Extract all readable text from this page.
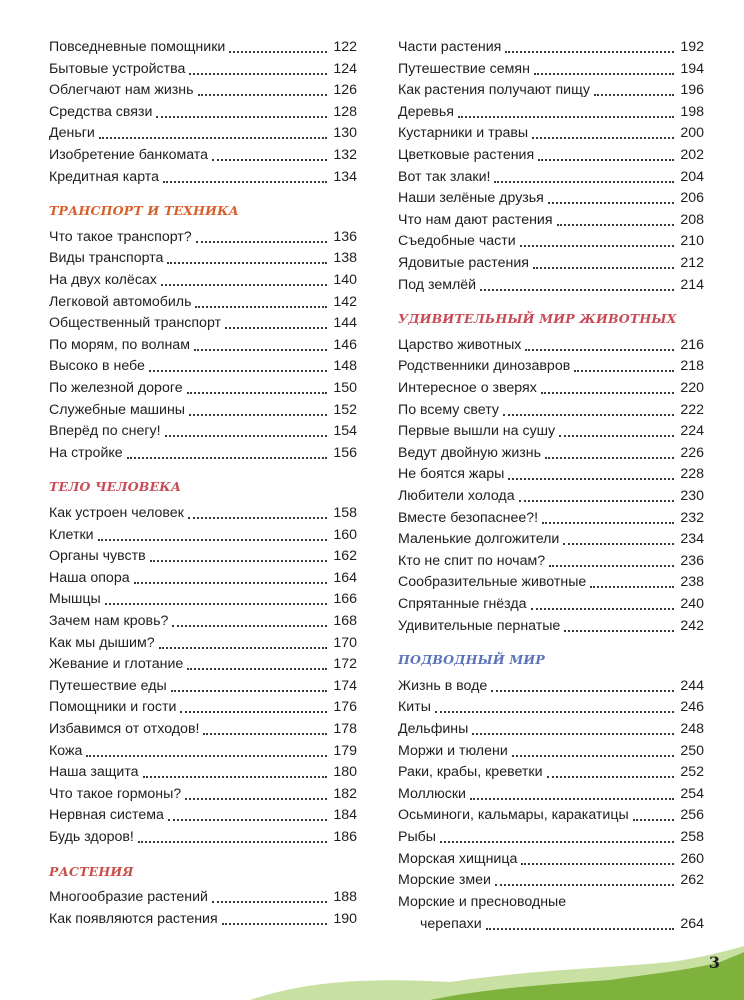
Повседневные помощники	122
Бытовые устройства	124
Облегчают нам жизнь	126
Средства связи	128
Деньги	130
Изобретение банкомата	132
Кредитная карта	134
ТРАНСПОРТ И ТЕХНИКА
Что такое транспорт?	136
Виды транспорта	138
На двух колёсах	140
Легковой автомобиль	142
Общественный транспорт	144
По морям, по волнам	146
Высоко в небе	148
По железной дороге	150
Служебные машины	152
Вперёд по снегу!	154
На стройке	156
ТЕЛО ЧЕЛОВЕКА
Как устроен человек	158
Клетки	160
Органы чувств	162
Наша опора	164
Мышцы	166
Зачем нам кровь?	168
Как мы дышим?	170
Жевание и глотание	172
Путешествие еды	174
Помощники и гости	176
Избавимся от отходов!	178
Кожа	179
Наша защита	180
Что такое гормоны?	182
Нервная система	184
Будь здоров!	186
РАСТЕНИЯ
Многообразие растений	188
Как появляются растения	190
Части растения	192
Путешествие семян	194
Как растения получают пищу	196
Деревья	198
Кустарники и травы	200
Цветковые растения	202
Вот так злаки!	204
Наши зелёные друзья	206
Что нам дают растения	208
Съедобные части	210
Ядовитые растения	212
Под землёй	214
УДИВИТЕЛЬНЫЙ МИР ЖИВОТНЫХ
Царство животных	216
Родственники динозавров	218
Интересное о зверях	220
По всему свету	222
Первые вышли на сушу	224
Ведут двойную жизнь	226
Не боятся жары	228
Любители холода	230
Вместе безопаснее?!	232
Маленькие долгожители	234
Кто не спит по ночам?	236
Сообразительные животные	238
Спрятанные гнёзда	240
Удивительные пернатые	242
ПОДВОДНЫЙ МИР
Жизнь в воде	244
Киты	246
Дельфины	248
Моржи и тюлени	250
Раки, крабы, креветки	252
Моллюски	254
Осьминоги, кальмары, каракатицы	256
Рыбы	258
Морская хищница	260
Морские змеи	262
Морские и пресноводные
черепахи	264
3
